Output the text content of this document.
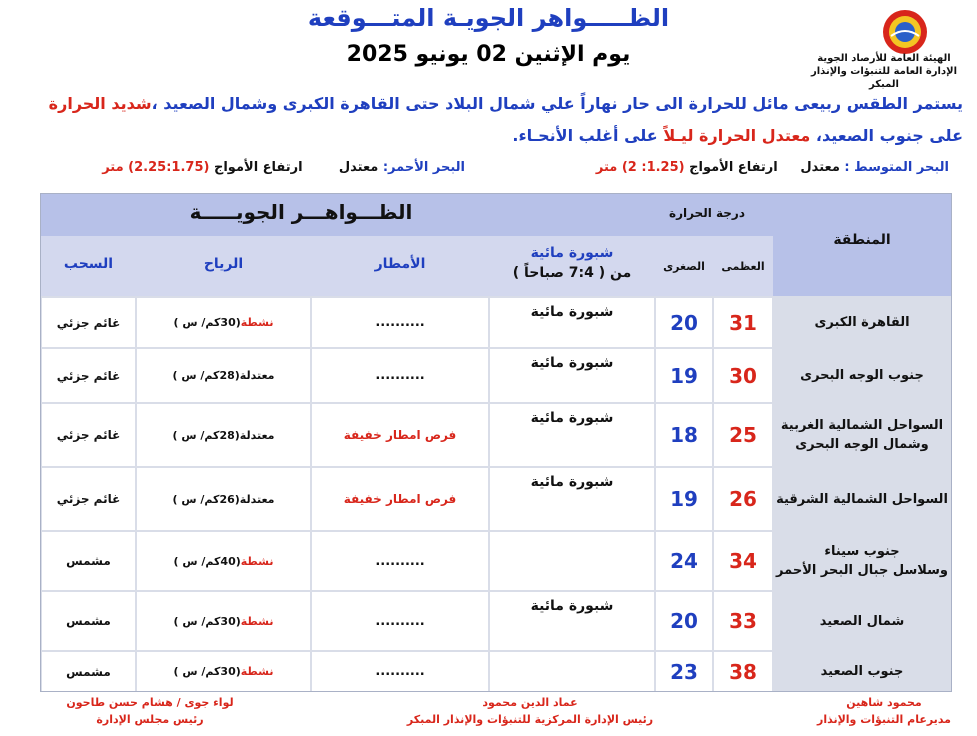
الظـــــواهر الجويـة المتـــوقعة
يوم الإثنين 02 يونيو 2025	الهيئة العامة للأرصاد الجوية
الإدارة العامة للتنبؤات والإنذار المبكر
يستمر الطقس ربيعى مائل للحرارة الى حار نهاراً علي شمال البلاد حتى القاهرة الكبرى وشمال الصعيد ،شديد الحرارة
على جنوب الصعيد، معتدل الحرارة ليـلاً على أغلب الأنحـاء.
البحر المتوسط : معتدل     ارتفاع الأمواج (1.25: 2) متر
البحر الأحمر: معتدل        ارتفاع الأمواج (2.25:1.75) متر
المنطقة
درجة الحرارة
العظمى
الصغرى
الظـــواهـــر الجويـــــة
شبورة مائية
من ( 7:4 صباحاً )
الأمطار
الرياح
السحب
القاهرة الكبرى
31
20
شبورة مائية
..........
نشطة
(30كم/ س )
غائم جزئي
جنوب الوجه البحرى
30
19
شبورة مائية
..........
معتدلة
(28كم/ س )
غائم جزئي
السواحل الشمالية الغربية
وشمال الوجه البحرى
25
18
شبورة مائية
فرص امطار خفيفة
معتدلة
(28كم/ س )
غائم جزئي
السواحل الشمالية الشرقية
26
19
شبورة مائية
فرص امطار خفيفة
معتدلة
(26كم/ س )
غائم جزئي
جنوب سيناء
وسلاسل جبال البحر الأحمر
34
24
..........
نشطة
(40كم/ س )
مشمس
شمال الصعيد
33
20
شبورة مائية
..........
نشطة
(30كم/ س )
مشمس
جنوب الصعيد
38
23
..........
نشطة
(30كم/ س )
مشمس
محمود شاهين
مديرعام التنبؤات والإنذار
عماد الدين محمود
رئيس الإدارة المركزية للتنبؤات والإنذار المبكر
لواء جوى / هشام حسن طاحون
رئيس مجلس الإدارة
